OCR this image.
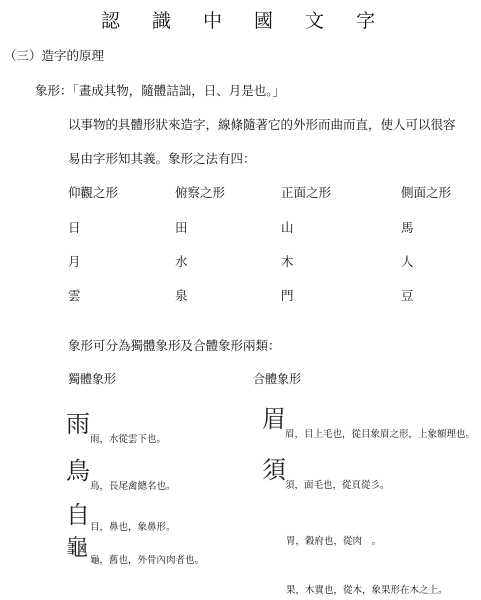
認 識 中 國 文 字
（三）造字的原理
象形：「畫成其物，隨體詰詘，日、月是也。」
以事物的具體形狀來造字，線條隨著它的外形而曲而直，使人可以很容
易由字形知其義。象形之法有四：
仰觀之形	俯察之形	正面之形	側面之形
日	田	山	馬
月	水	木	人
雲	泉	門	豆
象形可分為獨體象形及合體象形兩類：
獨體象形	合體象形
雨
雨，水從雲下也。
鳥
鳥，長尾禽總名也。
自 目，鼻也，象鼻形。
龜 龜，舊也，外骨內肉者也。
眉
眉，目上毛也，從目象眉之形，上象額理也。
須
須，面毛也，從頁從彡。
胃，穀府也，從肉　。
果，木實也，從木，象果形在木之上。
